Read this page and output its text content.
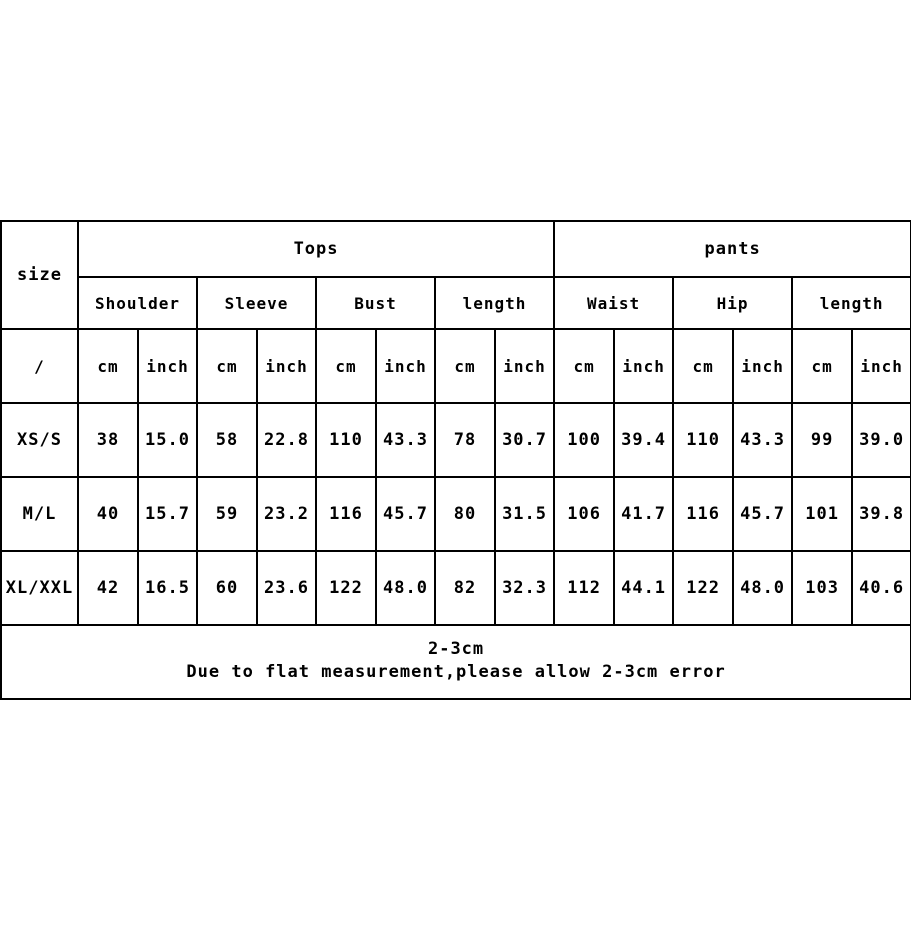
size	Tops								pants					
	Shoulder		Sleeve		Bust		length		Waist		Hip		length	
/	cm	inch	cm	inch	cm	inch	cm	inch	cm	inch	cm	inch	cm	inch
XS/S	38	15.0	58	22.8	110	43.3	78	30.7	100	39.4	110	43.3	99	39.0
M/L	40	15.7	59	23.2	116	45.7	80	31.5	106	41.7	116	45.7	101	39.8
XL/XXL	42	16.5	60	23.6	122	48.0	82	32.3	112	44.1	122	48.0	103	40.6

2-3cm
Due to flat measurement,please allow 2-3cm error														
